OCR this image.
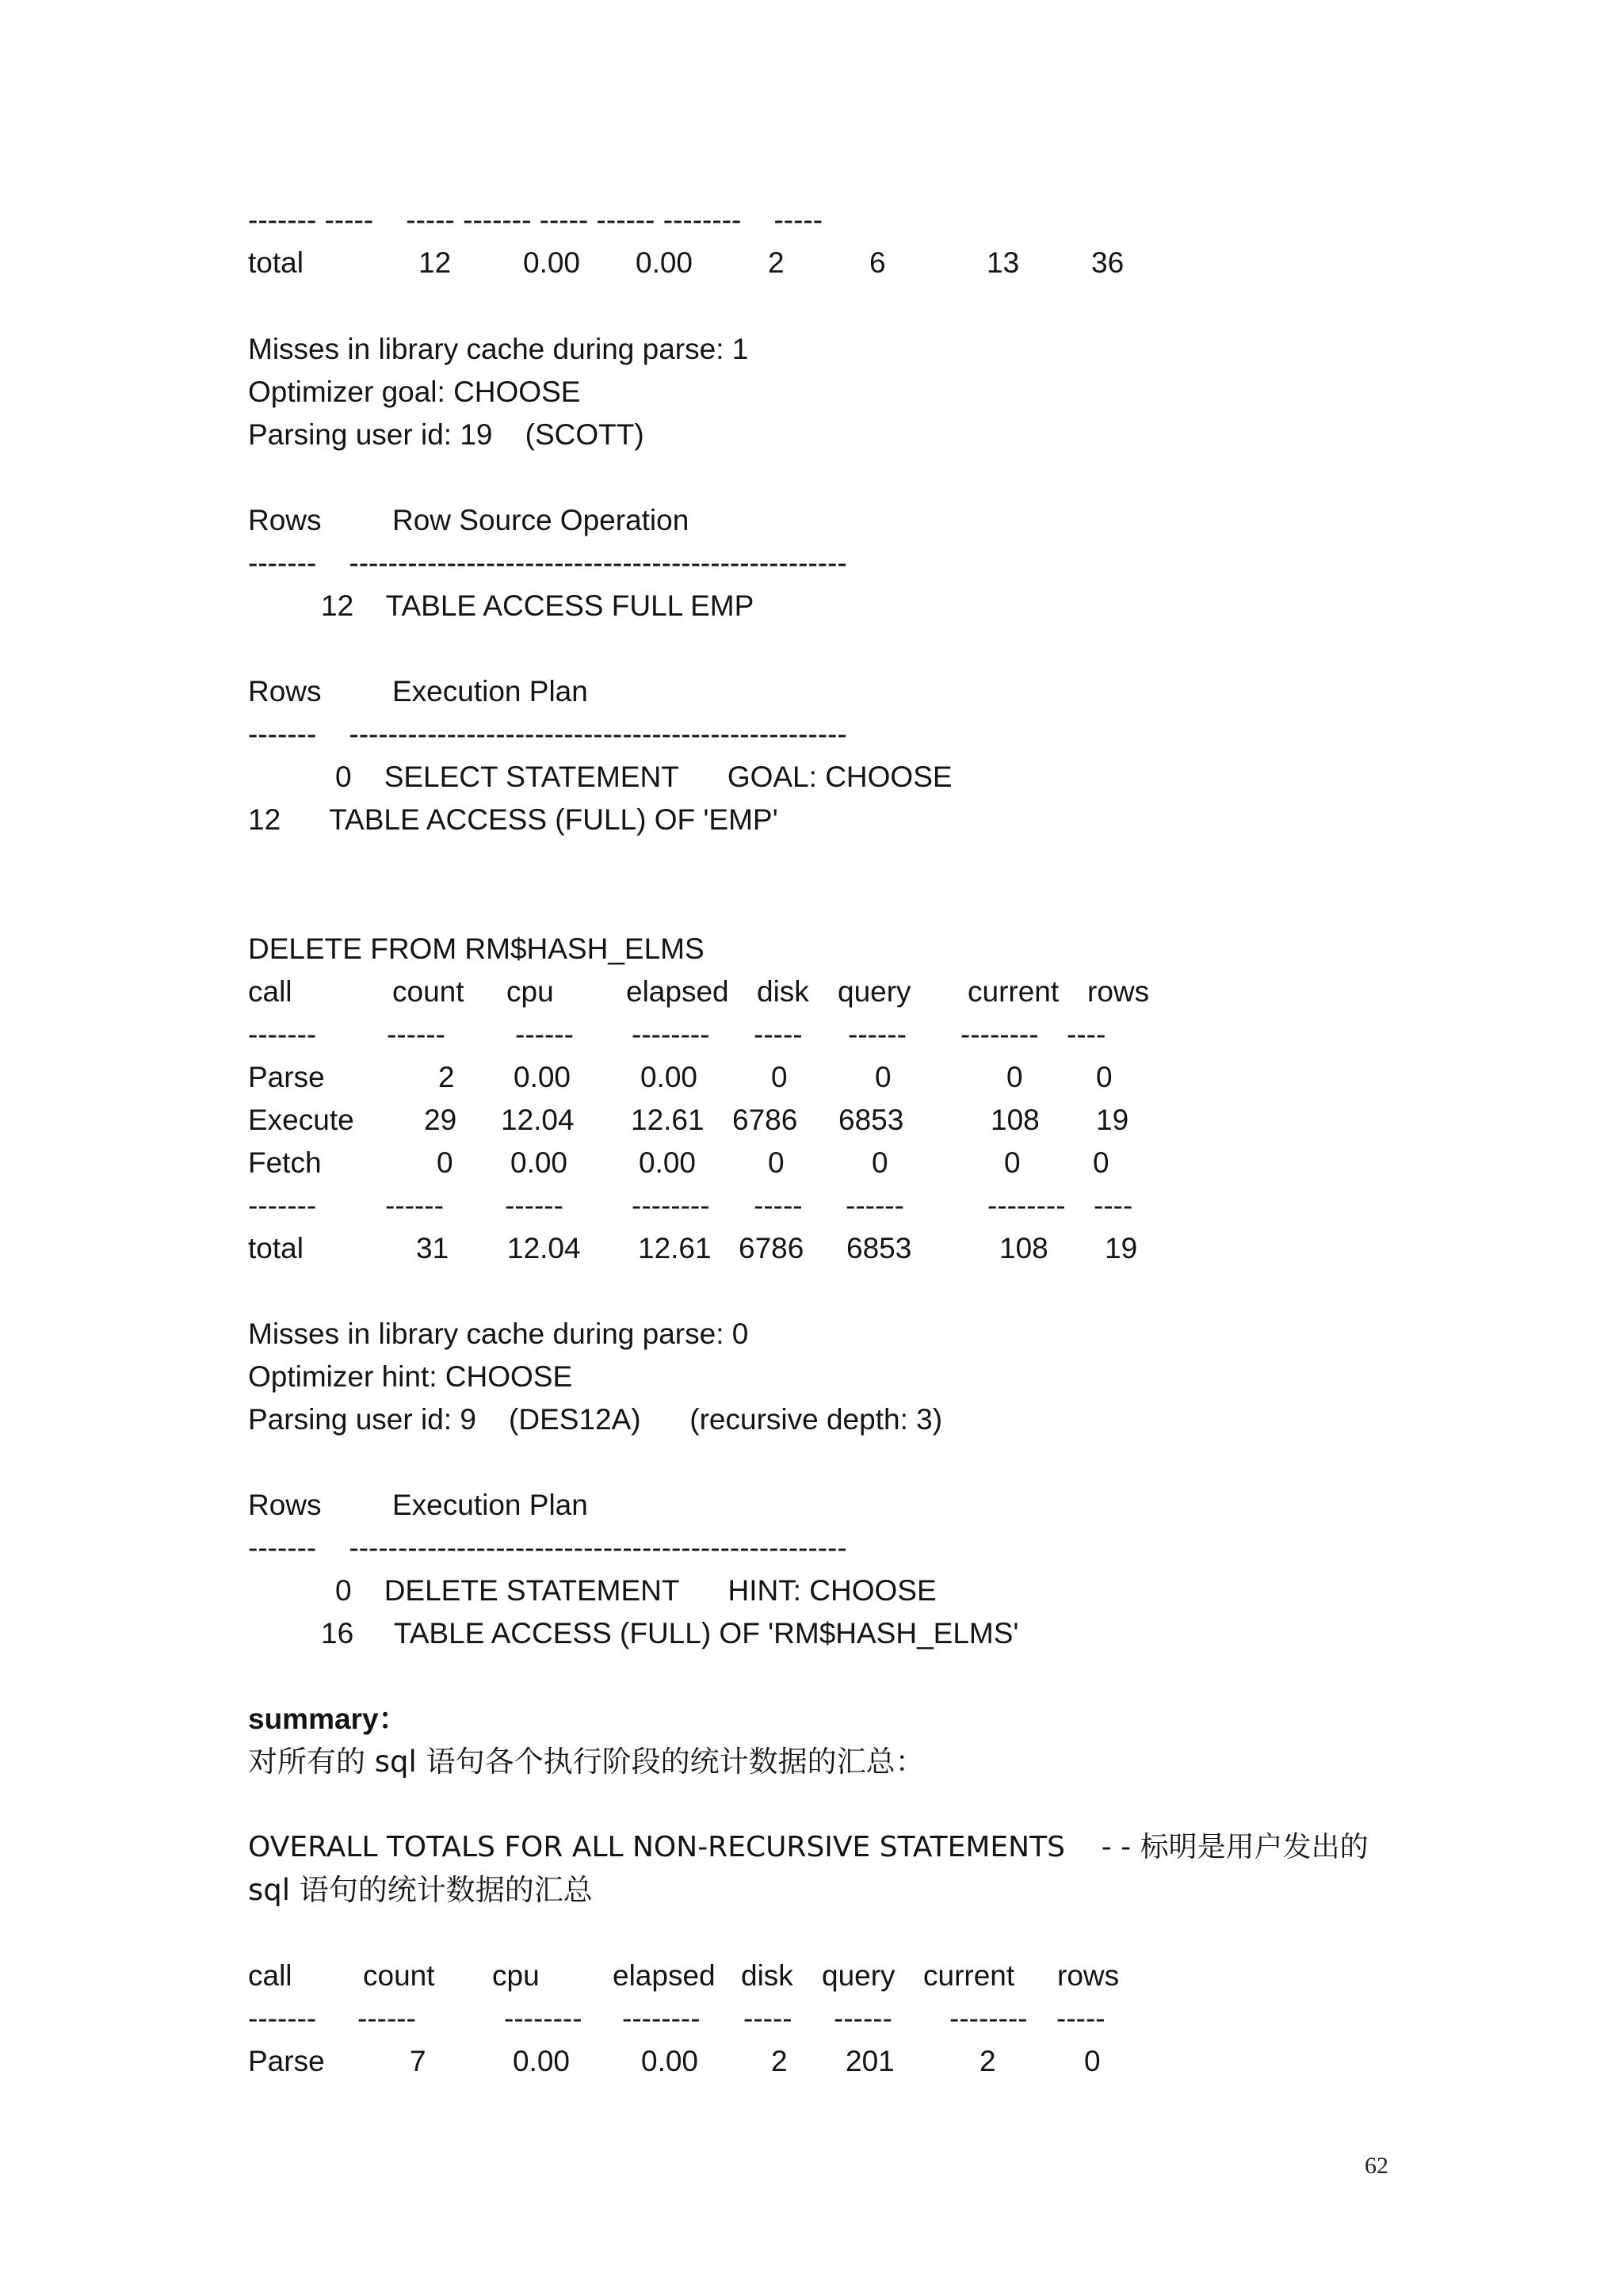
------- -----    ----- ------- ----- ------ --------    -----
total	12 0.00 0.00	2	6	13 36
Misses in library cache during parse: 1
Optimizer goal: CHOOSE
Parsing user id: 19    (SCOTT)
Rows Row Source Operation
-------    ---------------------------------------------------
12    TABLE ACCESS FULL EMP
Rows Execution Plan
-------    ---------------------------------------------------
0    SELECT STATEMENT      GOAL: CHOOSE
12      TABLE ACCESS (FULL) OF 'EMP'
DELETE FROM RM$HASH_ELMS
call	count cpu elapsed disk query current rows
------- ------ ------ -------- ----- ------ -------- ----
Parse	2 0.00 0.00	0	0	0 0
Execute 29 12.04 12.61 6786 6853	108 19
Fetch	0 0.00 0.00 0	0	0 0
------- ------ ------ -------- ----- ------	-------- ----
total	31 12.04 12.61 6786 6853	108 19
Misses in library cache during parse: 0
Optimizer hint: CHOOSE
Parsing user id: 9    (DES12A)      (recursive depth: 3)
Rows Execution Plan
-------    ---------------------------------------------------
0    DELETE STATEMENT      HINT: CHOOSE
16     TABLE ACCESS (FULL) OF 'RM$HASH_ELMS'
summary：
对所有的 sql 语句各个执行阶段的统计数据的汇总：
OVERALL TOTALS FOR ALL NON-RECURSIVE STATEMENTS    - - 标明是用户发出的
sql 语句的统计数据的汇总
call count cpu elapsed disk query current rows
------- ------	-------- -------- ----- ------ -------- -----
Parse	7	0.00 0.00 2 201	2	0
62
